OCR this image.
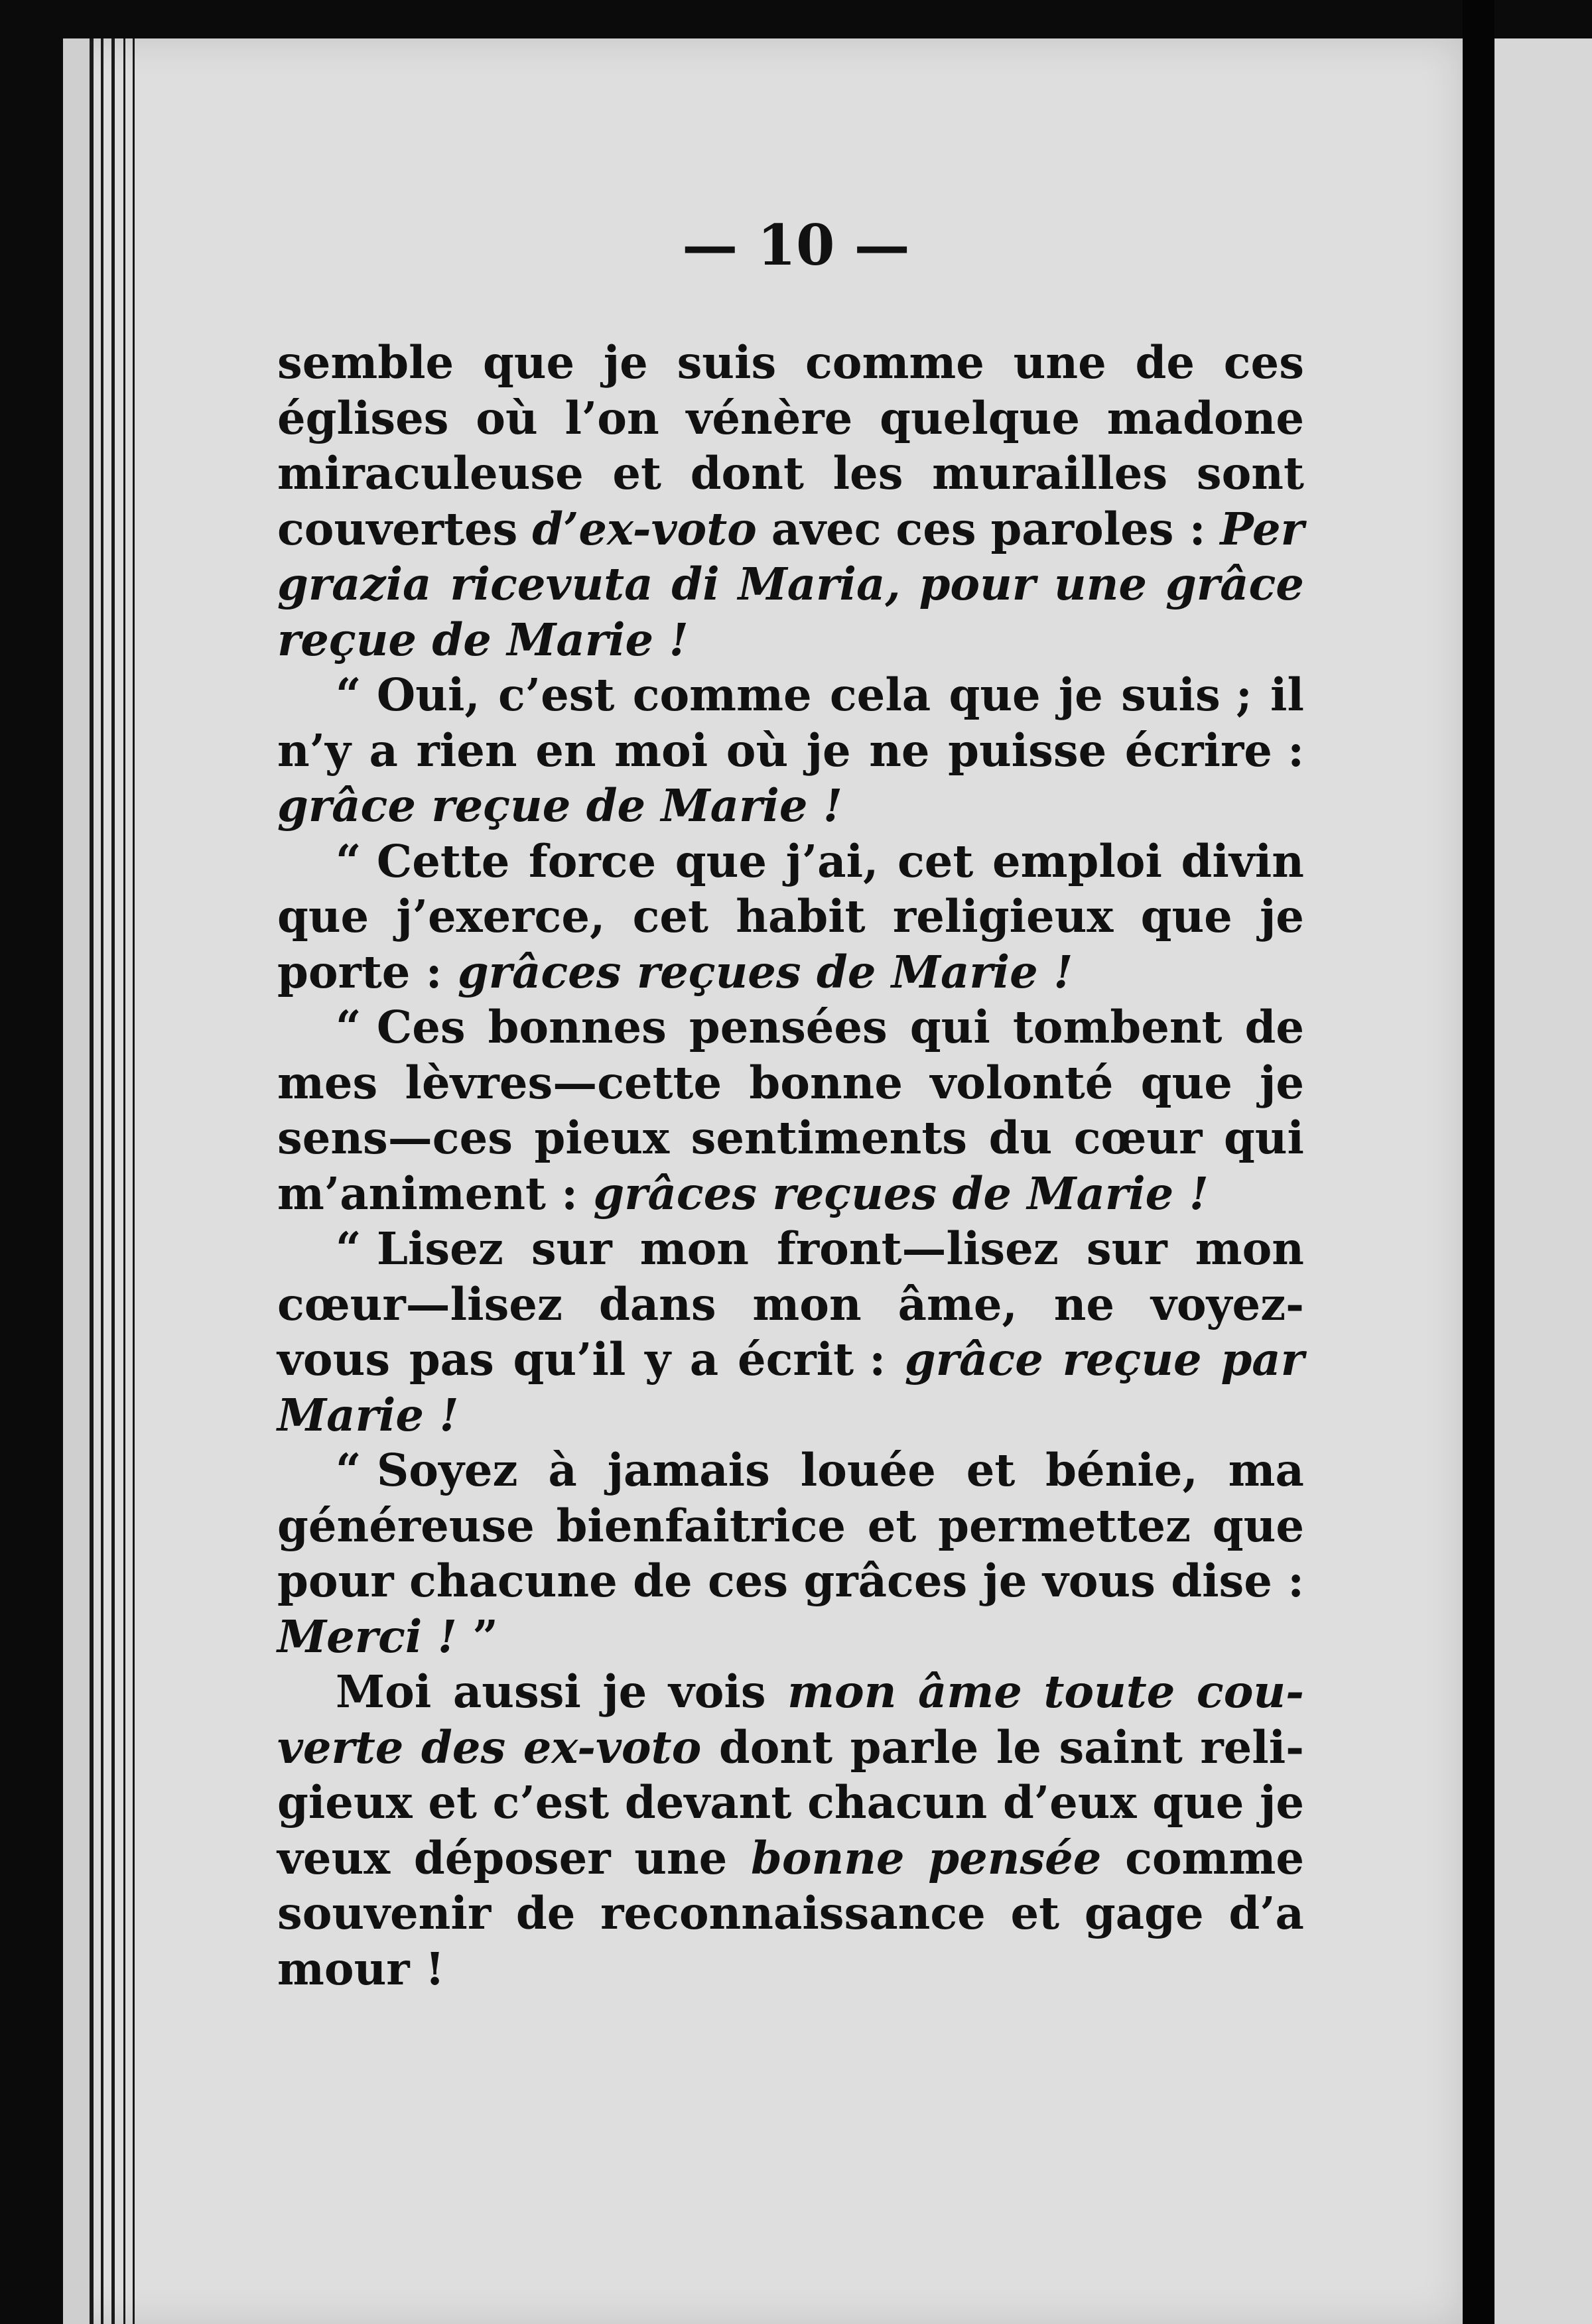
— 10 —
semble que je suis comme une de ces
églises où l’on vénère quelque madone
miraculeuse et dont les murailles sont
couvertes d’ex-voto avec ces paroles : Per
grazia ricevuta di Maria, pour une grâce
reçue
de
Marie !
“ Oui, c’est comme cela que je suis ; il
n’y a rien en moi où je ne puisse écrire :
grâce
reçue
de
Marie !
“ Cette force que j’ai, cet emploi divin
que j’exerce, cet habit religieux que je
porte :
grâces
reçues
de
Marie !
“ Ces bonnes pensées qui tombent de
mes lèvres—cette bonne volonté que je
sens—ces pieux sentiments du cœur qui
m’animent :
grâces
reçues
de
Marie !
“ Lisez sur mon front—lisez sur mon
cœur—lisez dans mon âme, ne voyez-
vous pas qu’il y a écrit : grâce reçue par
Marie !
“ Soyez à jamais louée et bénie, ma
généreuse bienfaitrice et permettez que
pour chacune de ces grâces je vous dise :
Merci !
”
Moi aussi je vois mon âme toute cou-
verte des ex-voto dont parle le saint reli-
gieux et c’est devant chacun d’eux que je
veux déposer une bonne pensée comme
souvenir de reconnaissance et gage d’a
mour !
